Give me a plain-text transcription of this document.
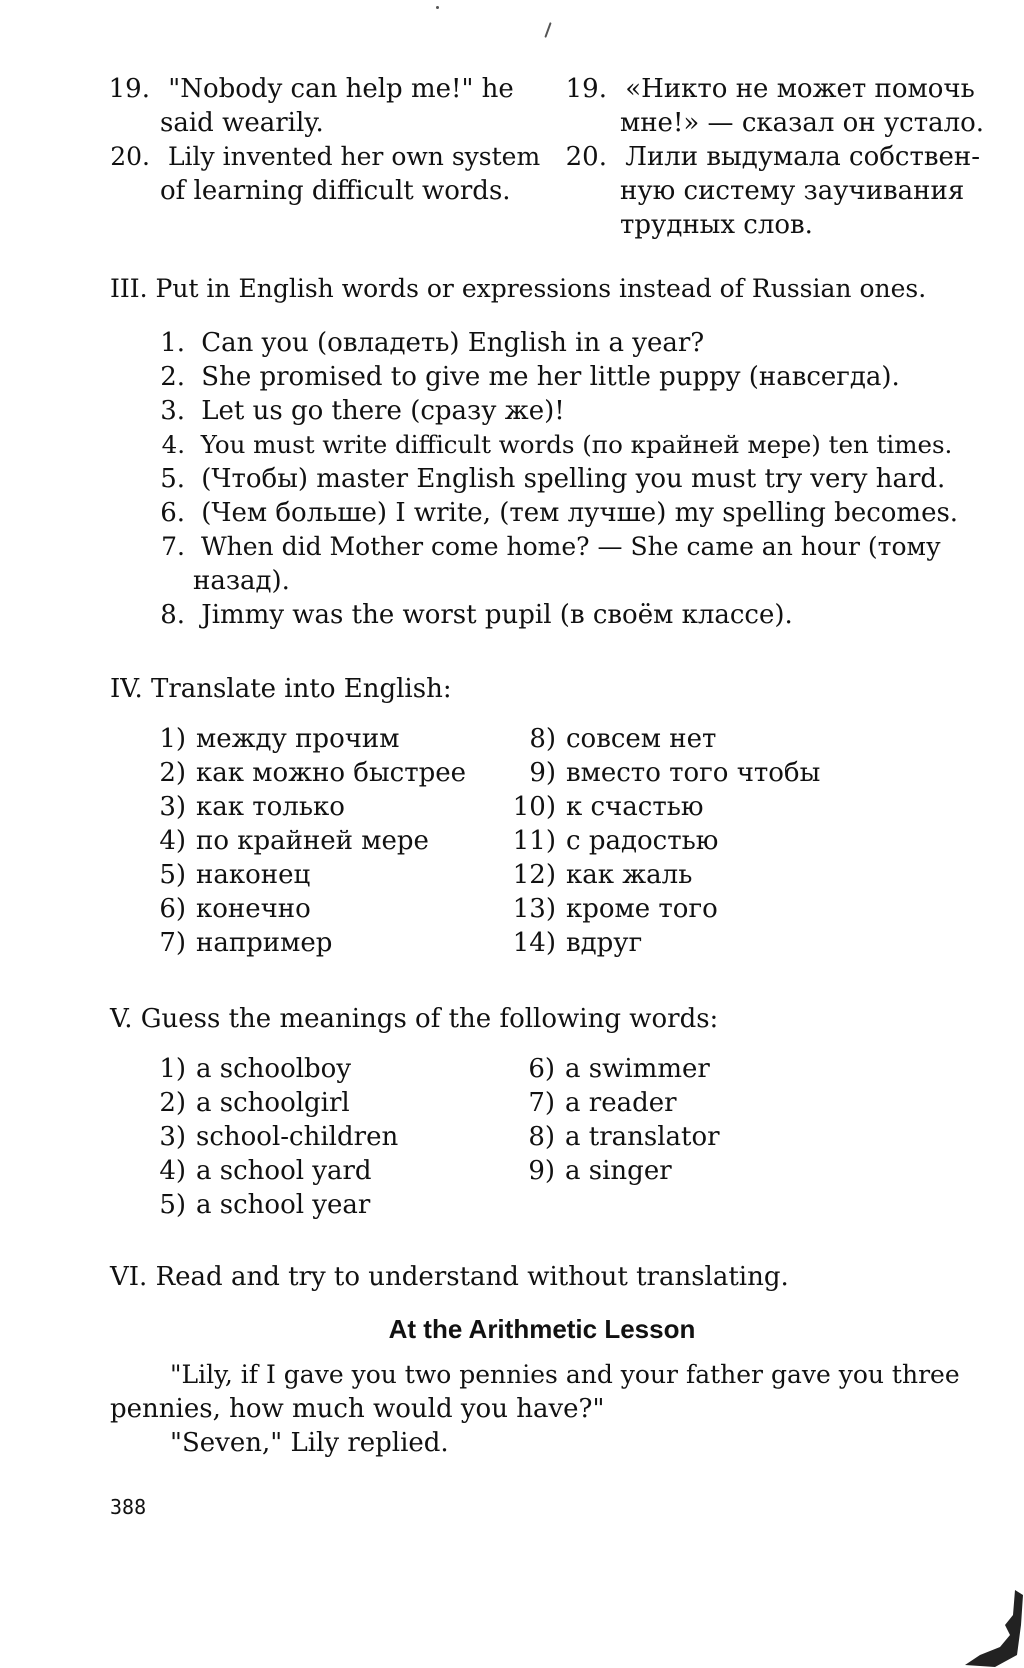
19. "Nobody can help me!" he
said wearily.
20. Lily invented her own system
of learning difficult words.
19. «Никто не может помочь
мне!» — сказал он устало.
20. Лили выдумала собствен-
ную систему заучивания
трудных слов.
III. Put in English words or expressions instead of Russian ones.
1. Can you (овладеть) English in a year?
2. She promised to give me her little puppy (навсегда).
3. Let us go there (сразу же)!
4. You must write difficult words (по крайней мере) ten times.
5. (Чтобы) master English spelling you must try very hard.
6. (Чем больше) I write, (тем лучше) my spelling becomes.
7. When did Mother come home? — She came an hour (тому
назад).
8. Jimmy was the worst pupil (в своём классе).
IV. Translate into English:
1) между прочим
2) как можно быстрее
3) как только
4) по крайней мере
5) наконец
6) конечно
7) например
8) совсем нет
9) вместо того чтобы
10) к счастью
11) с радостью
12) как жаль
13) кроме того
14) вдруг
V. Guess the meanings of the following words:
1) a schoolboy
2) a schoolgirl
3) school-children
4) a school yard
5) a school year
6) a swimmer
7) a reader
8) a translator
9) a singer
VI. Read and try to understand without translating.
At the Arithmetic Lesson
"Lily, if I gave you two pennies and your father gave you three
pennies, how much would you have?"
"Seven," Lily replied.
388
